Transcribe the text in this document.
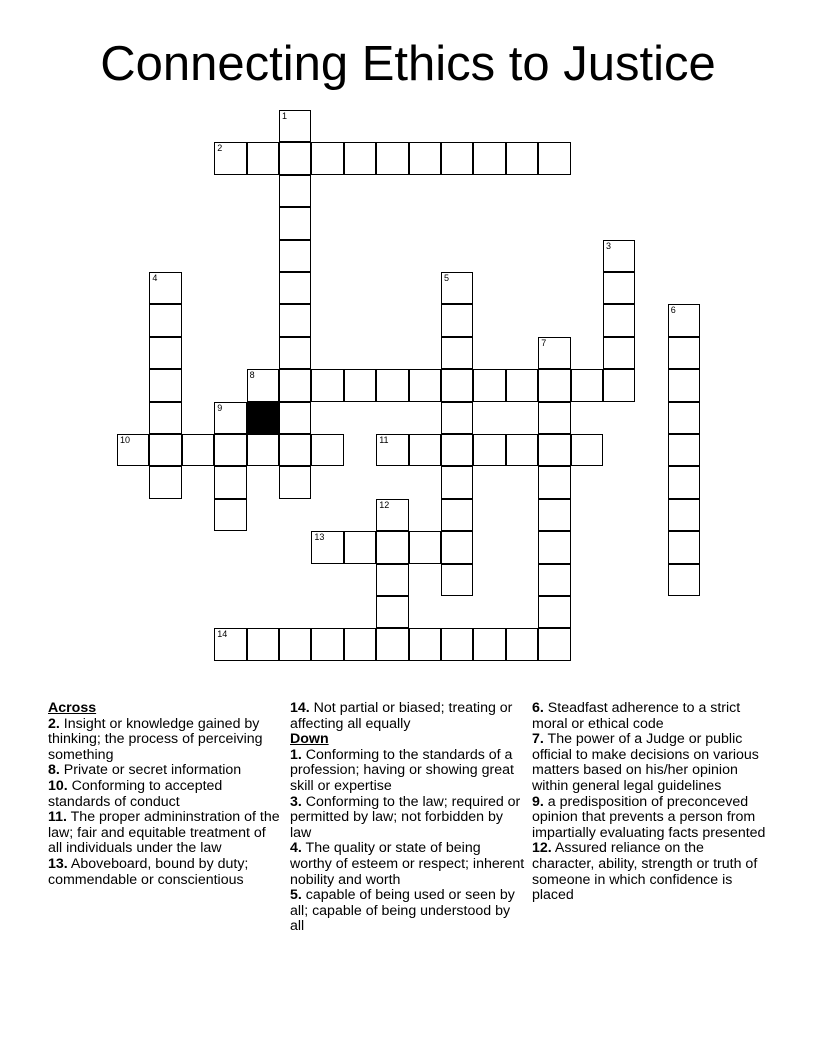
Connecting Ethics to Justice
1
2
3
4	5
6
7
8
9
10	11
12
13
14
Across

2. Insight or knowledge gained by thinking; the process of perceiving something

8. Private or secret information

10. Conforming to accepted standards of conduct

11. The proper admininstration of the law; fair and equitable treatment of all individuals under the law

13. Aboveboard, bound by duty; commendable or conscientious

14. Not partial or biased; treating or affecting all equally

Down

1. Conforming to the standards of a profession; having or showing great skill or expertise

3. Conforming to the law; required or permitted by law; not forbidden by law

4. The quality or state of being worthy of esteem or respect; inherent nobility and worth

5. capable of being used or seen by all; capable of being understood by all

6. Steadfast adherence to a strict moral or ethical code

7. The power of a Judge or public official to make decisions on various matters based on his/her opinion within general legal guidelines

9. a predisposition of preconceved opinion that prevents a person from impartially evaluating facts presented

12. Assured reliance on the character, ability, strength or truth of someone in which confidence is placed
